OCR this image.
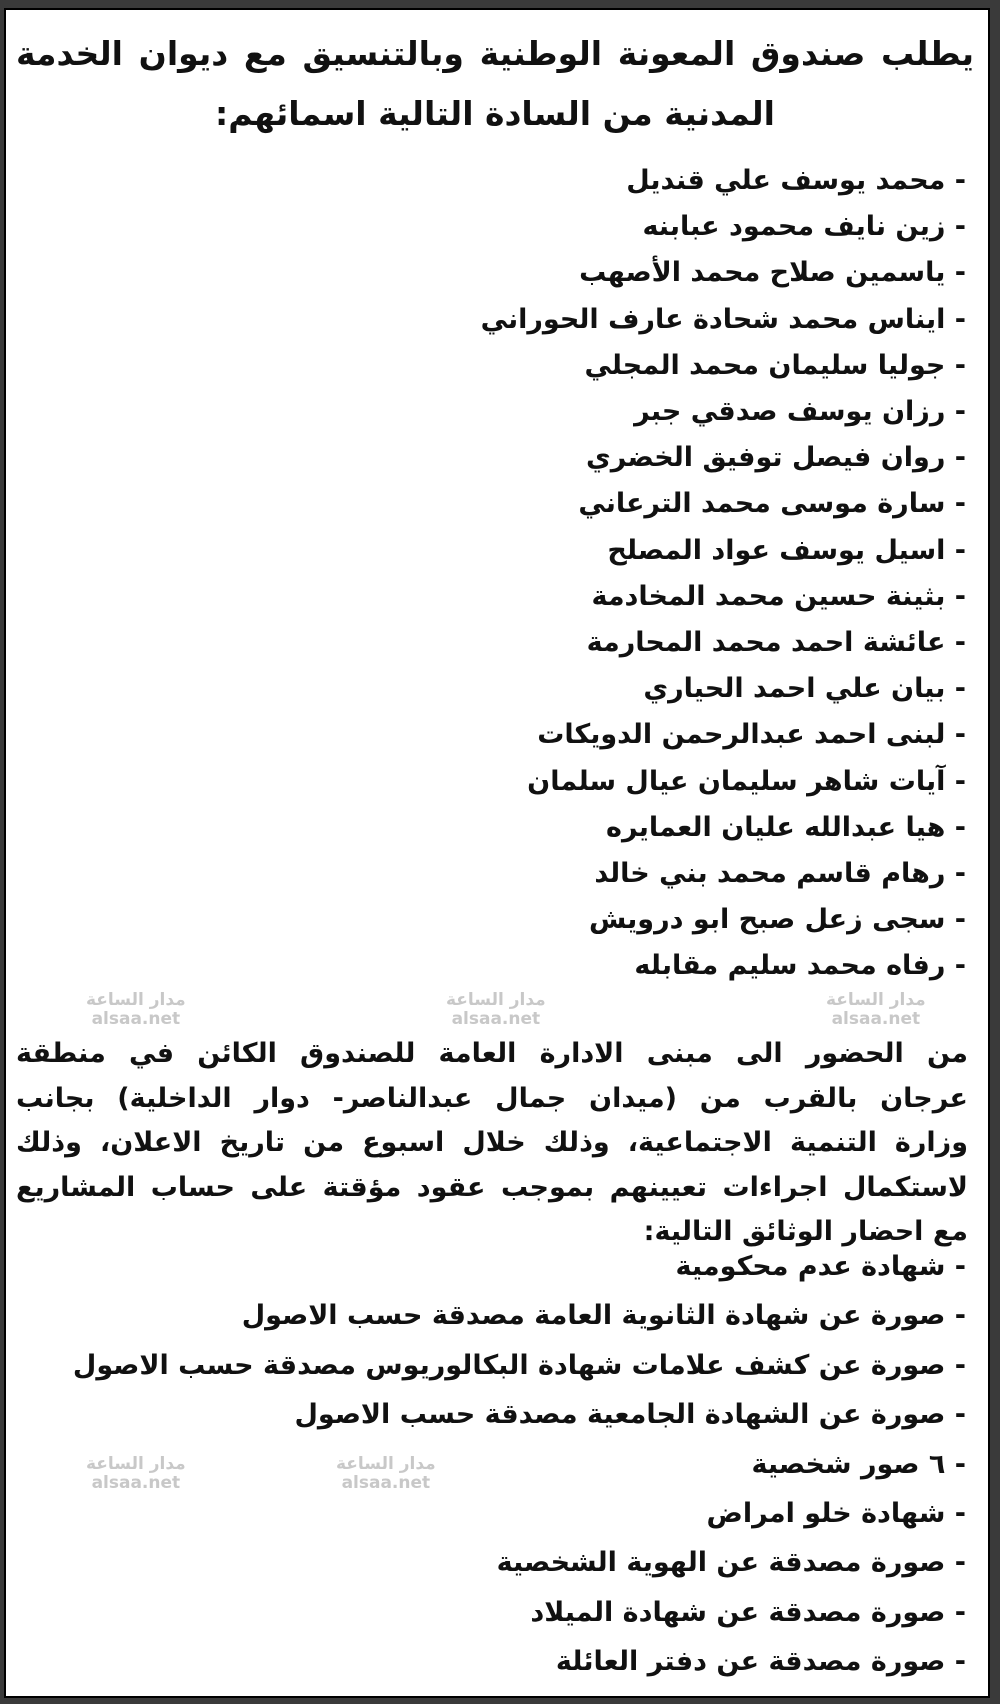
يطلب صندوق المعونة الوطنية وبالتنسيق مع ديوان الخدمة
المدنية من السادة التالية اسمائهم:
- محمد يوسف علي قنديل
- زين نايف محمود عبابنه
- ياسمين صلاح محمد الأصهب
- ايناس محمد شحادة عارف الحوراني
- جوليا سليمان محمد المجلي
- رزان يوسف صدقي جبر
- روان فيصل توفيق الخضري
- سارة موسى محمد الترعاني
- اسيل يوسف عواد المصلح
- بثينة حسين محمد المخادمة
- عائشة احمد محمد المحارمة
- بيان علي احمد الحياري
- لبنى احمد عبدالرحمن الدويكات
- آيات شاهر سليمان عيال سلمان
- هيا عبدالله عليان العمايره
- رهام قاسم محمد بني خالد
- سجى زعل صبح ابو درويش
- رفاه محمد سليم مقابله
مدار الساعة
alsaa.net
مدار الساعة
alsaa.net
مدار الساعة
alsaa.net
من الحضور الى مبنى الادارة العامة للصندوق الكائن في منطقة
عرجان بالقرب من (ميدان جمال عبدالناصر- دوار الداخلية) بجانب
وزارة التنمية الاجتماعية، وذلك خلال اسبوع من تاريخ الاعلان، وذلك
لاستكمال اجراءات تعيينهم بموجب عقود مؤقتة على حساب المشاريع
مع احضار الوثائق التالية:
- شهادة عدم محكومية
- صورة عن شهادة الثانوية العامة مصدقة حسب الاصول
- صورة عن كشف علامات شهادة البكالوريوس مصدقة حسب الاصول
- صورة عن الشهادة الجامعية مصدقة حسب الاصول
- ٦ صور شخصية
- شهادة خلو امراض
- صورة مصدقة عن الهوية الشخصية
- صورة مصدقة عن شهادة الميلاد
- صورة مصدقة عن دفتر العائلة
مدار الساعة
alsaa.net
مدار الساعة
alsaa.net
